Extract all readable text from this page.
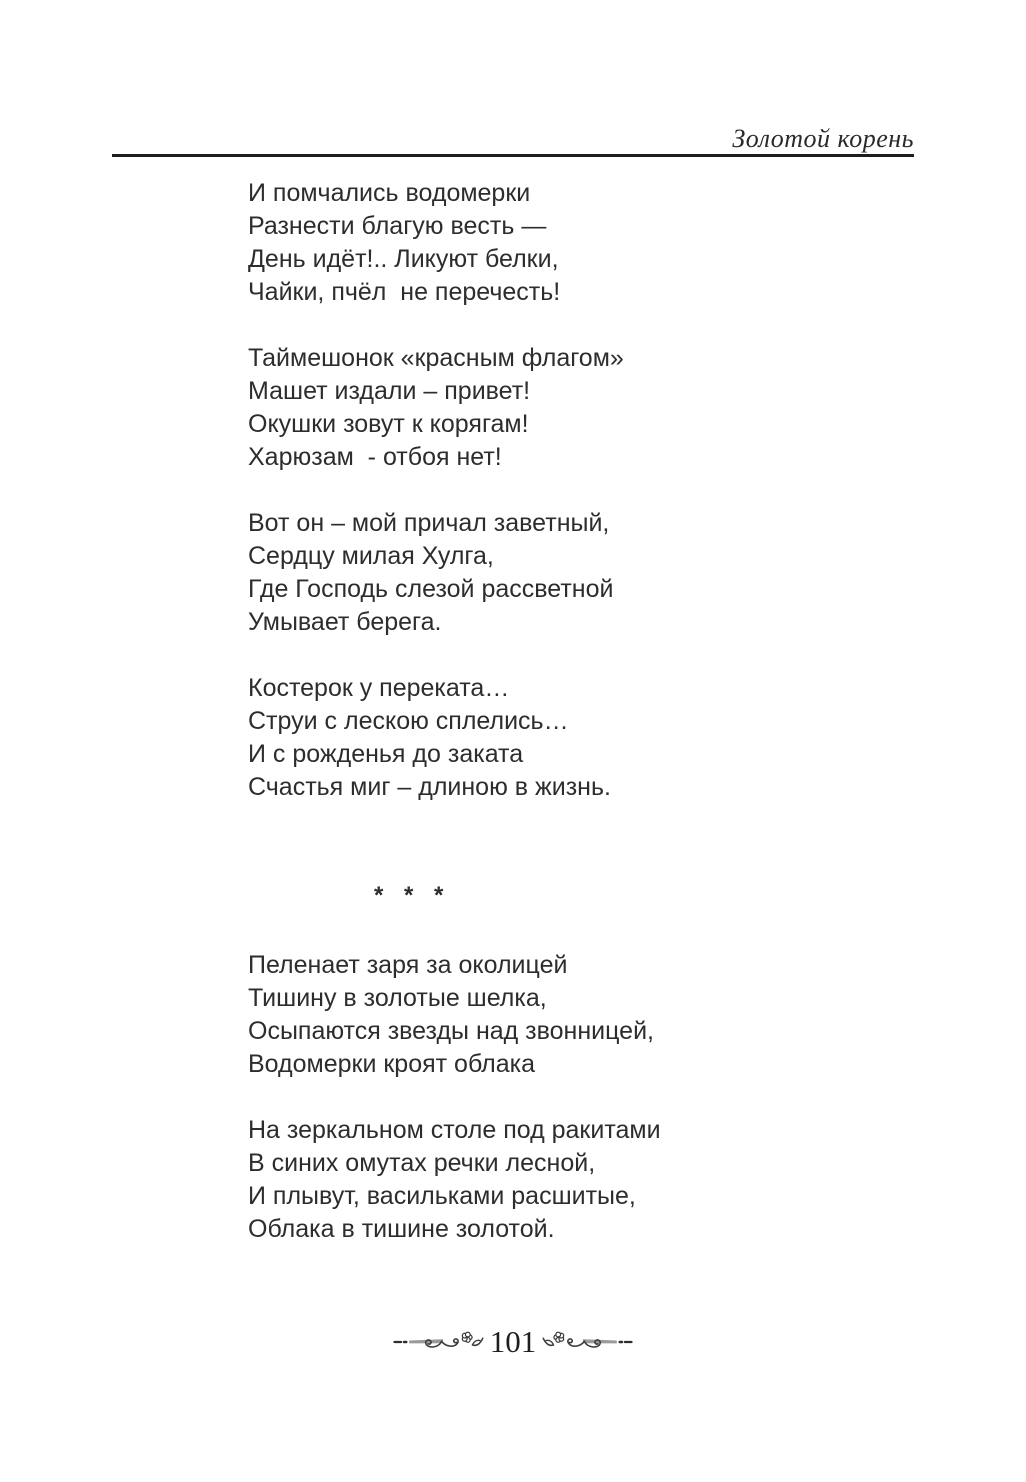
Золотой корень
И помчались водомерки
Разнести благую весть —
День идёт!.. Ликуют белки,
Чайки, пчёл  не перечесть!
Таймешонок «красным флагом»
Машет издали – привет!
Окушки зовут к корягам!
Харюзам  - отбоя нет!
Вот он – мой причал заветный,
Сердцу милая Хулга,
Где Господь слезой рассветной
Умывает берега.
Костерок у переката…
Струи с лескою сплелись…
И с рожденья до заката
Счастья миг – длиною в жизнь.
* * *
Пеленает заря за околицей
Тишину в золотые шелка,
Осыпаются звезды над звонницей,
Водомерки кроят облака
На зеркальном столе под ракитами
В синих омутах речки лесной,
И плывут, васильками расшитые,
Облака в тишине золотой.
101
